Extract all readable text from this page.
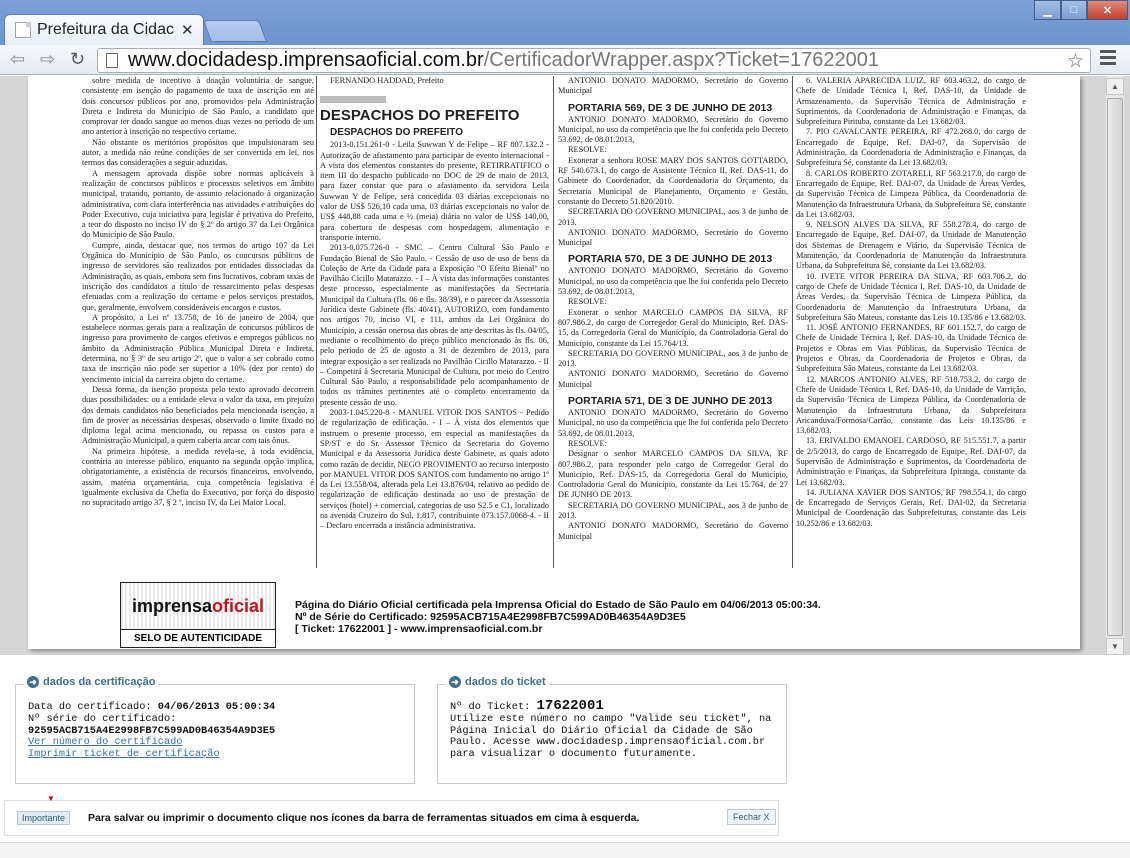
Prefeitura da Cidac ✕
▁	□	✕
⇦ ⇨ ↻ www.docidadesp.imprensaoficial.com.br /CertificadorWrapper.aspx?Ticket=17622001	☆

sobre medida de incentivo à doação voluntária de sangue, consistente em isenção do pagamento de taxa de inscrição em até dois concursos públicos por ano, promovidos pela Administração Direta e Indireta do Município de São Paulo, a candidato que comprovar ter doado sangue ao menos duas vezes no período de um ano anterior à inscrição no respectivo certame.

Não obstante os meritórios propósitos que impulsionaram seu autor, a medida não reúne condições de ser convertida em lei, nos termos das considerações a seguir aduzidas.

A mensagem aprovada dispõe sobre normas aplicáveis à realização de concursos públicos e processos seletivos em âmbito municipal, tratando, portanto, de assunto relacionado à organização administrativa, com clara interferência nas atividades e atribuições do Poder Executivo, cuja iniciativa para legislar é privativa do Prefeito, a teor do disposto no inciso IV do § 2º do artigo 37 da Lei Orgânica do Município de São Paulo.

Cumpre, ainda, destacar que, nos termos do artigo 107 da Lei Orgânica do Município de São Paulo, os concursos públicos de ingresso de servidores são realizados por entidades dissociadas da Administração, as quais, embora sem fins lucrativos, cobram taxas de inscrição dos candidatos a título de ressarcimento pelas despesas efetuadas com a realização do certame e pelos serviços prestados, que, geralmente, envolvem consideráveis encargos e custos.

A propósito, a Lei nº 13.758, de 16 de janeiro de 2004, que estabelece normas gerais para a realização de concursos públicos de ingresso para provimento de cargos efetivos e empregos públicos no âmbito da Administração Pública Municipal Direta e Indireta, determina, no § 3º de seu artigo 2º, que o valor a ser cobrado como taxa de inscrição não pode ser superior a 10% (dez por cento) do vencimento inicial da carreira objeto do certame.

Dessa forma, da isenção proposta pelo texto aprovado decorrem duas possibilidades: ou a entidade eleva o valor da taxa, em prejuízo dos demais candidatos não beneficiados pela mencionada isenção, a fim de prover as necessárias despesas, observado o limite fixado no diploma legal acima mencionado, ou repassa os custos para a Administração Municipal, a quem caberia arcar com tais ônus.

Na primeira hipótese, a medida revela-se, à toda evidência, contrária ao interesse público, enquanto na segunda opção implica, obrigatoriamente, a existência de recursos financeiros, envolvendo, assim, matéria orçamentária, cuja competência legislativa é igualmente exclusiva da Chefia do Executivo, por força do disposto no supracitado artigo 37, § 2 º, inciso IV, da Lei Maior Local.

FERNANDO HADDAD, Prefeito

DESPACHOS DO PREFEITO
DESPACHOS DO PREFEITO

2013-0.151.261-0 - Leila Suwwan Y de Felipe – RF 807.132.2 - Autorização de afastamento para participar de evento internacional - A vista dos elementos constantes do presente, RETIRRATIFICO o item III do despacho publicado no DOC de 29 de maio de 2013, para fazer constar que para o afastamento da servidora Leila Suwwan Y de Felipe, será concedida 03 diárias excepcionais no valor de US$ 526,10 cada uma, 03 diárias excepcionais no valor de US$ 448,88 cada uma e ½ (meia) diária no valor de US$ 140,00, para cobertura de despesas com hospedagem, alimentação e transporte interno.

2013-0.075.726-0 - SMC – Centro Cultural São Paulo e Fundação Bienal de São Paulo. - Cessão de uso de uso de bens da Coleção de Arte da Cidade para a Exposição "O Efeito Bienal" no Pavilhão Cicillo Matarazzo. - I – À vista das informações constantes deste processo, especialmente as manifestações da Secretaria Municipal da Cultura (fls. 06 e fls. 38/39), e o parecer da Assessoria Jurídica deste Gabinete (fls. 40/41), AUTORIZO, com fundamento nos artigos 70, inciso VI, e 111, ambos da Lei Orgânica do Município, a cessão onerosa das obras de arte descritas às fls. 04/05, mediante o recolhimento do preço público mencionado às fls. 06, pelo período de 25 de agosto a 31 de dezembro de 2013, para integrar exposição a ser realizada no Pavilhão Cicillo Matarazzo. - II – Competirá à Secretaria Municipal de Cultura, por meio do Centro Cultural São Paulo, a responsabilidade pelo acompanhamento de todos os trâmites pertinentes até o completo encerramento da presente cessão de uso.

2003-1.045.220-8 - MANUEL VITOR DOS SANTOS - Pedido de regularização de edificação. - I – À vista dos elementos que instruem o presente processo, em especial as manifestações da SP/ST e do Sr. Assessor Técnico da Secretaria do Governo Municipal e da Assessoria Jurídica deste Gabinete, as quais adoto como razão de decidir, NEGO PROVIMENTO ao recurso interposto por MANUEL VITOR DOS SANTOS com fundamento no artigo 1º da Lei 13.558/04, alterada pela Lei 13.876/04, relativo ao pedido de regularização de edificação destinada ao uso de prestação de serviços (hotel) + comercial, categorias de uso S2.5 e C1, localizado na avenida Cruzeiro do Sul, 1.817, contribuinte 073.157.0068-4. - II – Declaro encerrada a instância administrativa.

ANTONIO DONATO MADORMO, Secretário do Governo Municipal

PORTARIA 569, DE 3 DE JUNHO DE 2013

ANTONIO DONATO MADORMO, Secretário do Governo Municipal, no uso da competência que lhe foi conferida pelo Decreto 53.692, de 08.01.2013,

RESOLVE:

Exonerar a senhora ROSE MARY DOS SANTOS GOTTARDO, RF 540.673.1, do cargo de Assistente Técnico II, Ref. DAS-11, do Gabinete do Coordenador, da Coordenadoria do Orçamento, da Secretaria Municipal de Planejamento, Orçamento e Gestão, constante do Decreto 51.820/2010.

SECRETARIA DO GOVERNO MUNICIPAL, aos 3 de junho de 2013.

ANTONIO DONATO MADORMO, Secretário do Governo Municipal

PORTARIA 570, DE 3 DE JUNHO DE 2013

ANTONIO DONATO MADORMO, Secretário do Governo Municipal, no uso da competência que lhe foi conferida pelo Decreto 53.692, de 08.01.2013,

RESOLVE:

Exonerar o senhor MARCELO CAMPOS DA SILVA, RF 807.986.2, do cargo de Corregedor Geral do Município, Ref. DAS-15, da Corregedoria Geral do Município, da Controladoria Geral do Município, constante da Lei 15.764/13.

SECRETARIA DO GOVERNO MUNICIPAL, aos 3 de junho de 2013.

ANTONIO DONATO MADORMO, Secretário do Governo Municipal

PORTARIA 571, DE 3 DE JUNHO DE 2013

ANTONIO DONATO MADORMO, Secretário do Governo Municipal, no uso da competência que lhe foi conferida pelo Decreto 53.692, de 08.01.2013,

RESOLVE:

Designar o senhor MARCELO CAMPOS DA SILVA, RF 807.986.2, para responder pelo cargo de Corregedor Geral do Município, Ref. DAS-15, da Corregedoria Geral do Município, Controladoria Geral do Município, constante da Lei 15.764, de 27 DE JUNHO DE 2013.

SECRETARIA DO GOVERNO MUNICIPAL, aos 3 de junho de 2013.

ANTONIO DONATO MADORMO, Secretário do Governo Municipal

6. VALERIA APARECIDA LUIZ, RF 603.463.2, do cargo de Chefe de Unidade Técnica I, Ref. DAS-10, da Unidade de Armazenamento, da Supervisão Técnica de Administração e Suprimentos, da Coordenadoria de Administração e Finanças, da Subprefeitura Pirituba, constante da Lei 13.682/03.

7. PIO CAVALCANTE PEREIRA, RF 472.268.0, do cargo de Encarregado de Equipe, Ref. DAI-07, da Supervisão de Administração, da Coordenadoria de Administração e Finanças, da Subprefeitura Sé, constante da Lei 13.682/03.

8. CARLOS ROBERTO ZOTARELI, RF 563.217.0, do cargo de Encarregado de Equipe, Ref. DAI-07, da Unidade de Áreas Verdes, da Supervisão Técnica de Limpeza Pública, da Coordenadoria de Manutenção da Infraestrutura Urbana, da Subprefeitura Sé, constante da Lei 13.682/03.

9. NELSON ALVES DA SILVA, RF 558.278.4, do cargo de Encarregado de Equipe, Ref. DAI-07, da Unidade de Manutenção dos Sistemas de Drenagem e Viário, da Supervisão Técnica de Manutenção, da Coordenadoria de Manutenção da Infraestrutura Urbana, da Subprefeitura Sé, constante da Lei 13.682/03.

10. IVETE VITOR PEREIRA DA SILVA, RF 603.706.2, do cargo de Chefe de Unidade Técnica I, Ref. DAS-10, da Unidade de Áreas Verdes, da Supervisão Técnica de Limpeza Pública, da Coordenadoria de Manutenção da Infraestrutura Urbana, da Subprefeitura São Mateus, constante das Leis 10.135/86 e 13.682/03.

11. JOSÉ ANTONIO FERNANDES, RF 601.152.7, do cargo de Chefe de Unidade Técnica I, Ref. DAS-10, da Unidade Técnica de Projetos e Obras em Vias Públicas, da Supervisão Técnica de Projetos e Obras, da Coordenadoria de Projetos e Obras, da Subprefeitura São Mateus, constante da Lei 13.682/03.

12. MARCOS ANTONIO ALVES, RF 518.753.2, do cargo de Chefe de Unidade Técnica I, Ref. DAS-10, da Unidade de Varrição, da Supervisão Técnica de Limpeza Pública, da Coordenadoria de Manutenção da Infraestrutura Urbana, da Subprefeitura Aricanduva/Formosa/Carrão, constante das Leis 10.135/86 e 13.682/03.

13. ERIVALDO EMANOEL CARDOSO, RF 515.551.7, a partir de 2/5/2013, do cargo de Encarregado de Equipe, Ref. DAI-07, da Supervisão de Administração e Suprimentos, da Coordenadoria de Administração e Finanças, da Subprefeitura Ipiranga, constante da Lei 13.682/03.

14. JULIANA XAVIER DOS SANTOS, RF 798.554.1, do cargo de Encarregado de Serviços Gerais, Ref. DAI-02, da Secretaria Municipal de Coordenação das Subprefeituras, constante das Leis 10.252/86 e 13.682/03.

imprensa oficial
SELO DE AUTENTICIDADE
Página do Diário Oficial certificada pela Imprensa Oficial do Estado de São Paulo em 04/06/2013 05:00:34.
Nº de Série do Certificado: 92595ACB715A4E2998FB7C599AD0B46354A9D3E5
[ Ticket: 17622001 ] - www.imprensaoficial.com.br
▲
▼
➜ dados da certificação
Data do certificado: 04/06/2013 05:00:34
Nº série do certificado:
92595ACB715A4E2998FB7C599AD0B46354A9D3E5
Ver número do certificado
Imprimir ticket de certificação
➜ dados do ticket
Nº do Ticket: 17622001
Utilize este número no campo "Valide seu ticket", na Página Inicial do Diário Oficial da Cidade de São Paulo. Acesse www.docidadesp.imprensaoficial.com.br para visualizar o documento futuramente.
▼
Importante	Para salvar ou imprimir o documento clique nos ícones da barra de ferramentas situados em cima à esquerda.	Fechar X
